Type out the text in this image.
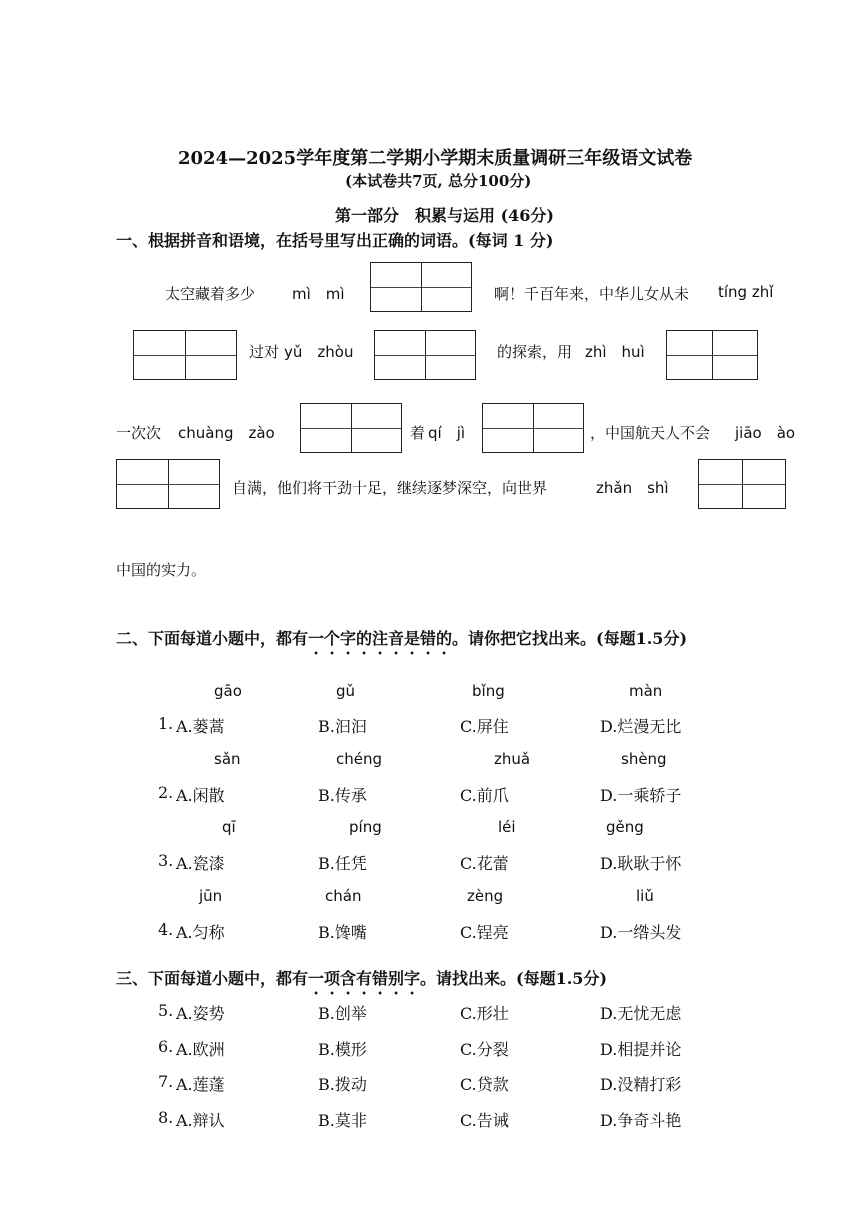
2024—2025学年度第二学期小学期末质量调研三年级语文试卷
(本试卷共7页, 总分100分)
第一部分　积累与运用 (46分)
一、根据拼音和语境，在括号里写出正确的词语。(每词 1 分)
太空藏着多少 mì　mì	啊！千百年来，中华儿女从未 tíng zhǐ
过对 yǔ　zhòu	的探索，用 zhì　huì
一次次 chuàng　zào	着 qí　jì	，中国航天人不会 jiāo　ào
自满，他们将干劲十足，继续逐梦深空，向世界	zhǎn　shì
中国的实力。
二、下面每道小题中，都有一个字的注音是错的。请你把它找出来。(每题1.5分)
gāo	gǔ	bǐng	màn
1. A.蒌蒿	B.汩汩	C.屏住	D.烂漫无比
sǎn	chéng	zhuǎ	shèng
2. A.闲散	B.传承	C.前爪	D.一乘轿子
qī	píng	léi	gěng
3. A.瓷漆	B.任凭	C.花蕾	D.耿耿于怀
jūn	chán	zèng	liǔ
4. A.匀称	B.馋嘴	C.锃亮	D.一绺头发
三、下面每道小题中，都有一项含有错别字。请找出来。(每题1.5分)
5. A.姿势	B.创举	C.形壮	D.无忧无虑
6. A.欧洲	B.模形	C.分裂	D.相提并论
7. A.莲蓬	B.拨动	C.贷款	D.没精打彩
8. A.辩认	B.莫非	C.告诫	D.争奇斗艳
